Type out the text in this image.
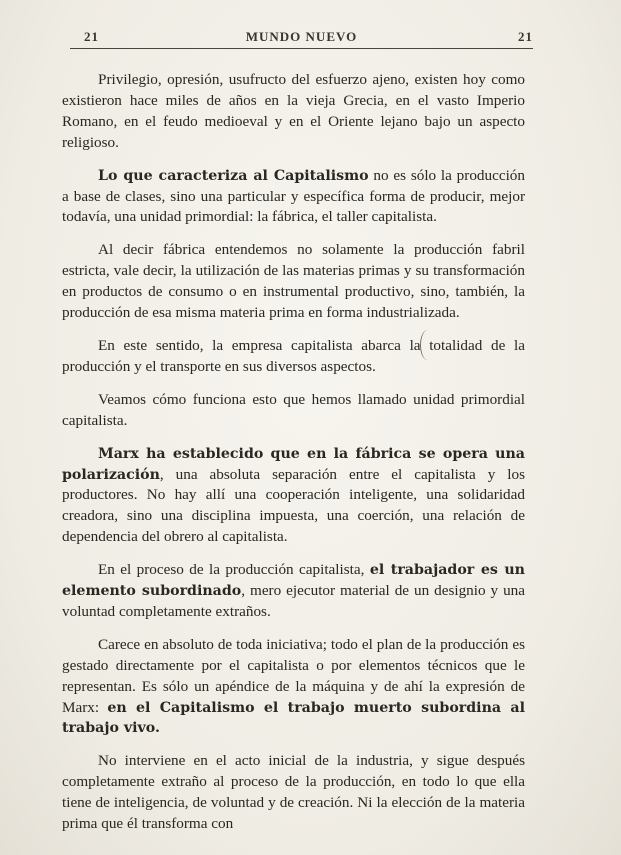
21	MUNDO NUEVO	21

Privilegio, opresión, usufructo del esfuerzo ajeno, existen hoy como existieron hace miles de años en la vieja Grecia, en el vasto Imperio Romano, en el feudo medioeval y en el Oriente lejano bajo un aspecto religioso.

Lo que caracteriza al Capitalismo no es sólo la producción a base de clases, sino una particular y específica forma de producir, mejor todavía, una unidad primordial: la fábrica, el taller capitalista.

Al decir fábrica entendemos no solamente la producción fabril estricta, vale decir, la utilización de las materias primas y su transformación en productos de consumo o en instrumental productivo, sino, también, la producción de esa misma materia prima en forma industrializada.

En este sentido, la empresa capitalista abarca la totalidad de la producción y el transporte en sus diversos aspectos.

Veamos cómo funciona esto que hemos llamado unidad primordial capitalista.

Marx ha establecido que en la fábrica se opera una polarización, una absoluta separación entre el capitalista y los productores. No hay allí una cooperación inteligente, una solidaridad creadora, sino una disciplina impuesta, una coerción, una relación de dependencia del obrero al capitalista.

En el proceso de la producción capitalista, el trabajador es un elemento subordinado, mero ejecutor material de un designio y una voluntad completamente extraños.

Carece en absoluto de toda iniciativa; todo el plan de la producción es gestado directamente por el capitalista o por elementos técnicos que le representan. Es sólo un apéndice de la máquina y de ahí la expresión de Marx: en el Capitalismo el trabajo muerto subordina al trabajo vivo.

No interviene en el acto inicial de la industria, y sigue después completamente extraño al proceso de la producción, en todo lo que ella tiene de inteligencia, de voluntad y de creación. Ni la elección de la materia prima que él transforma con
